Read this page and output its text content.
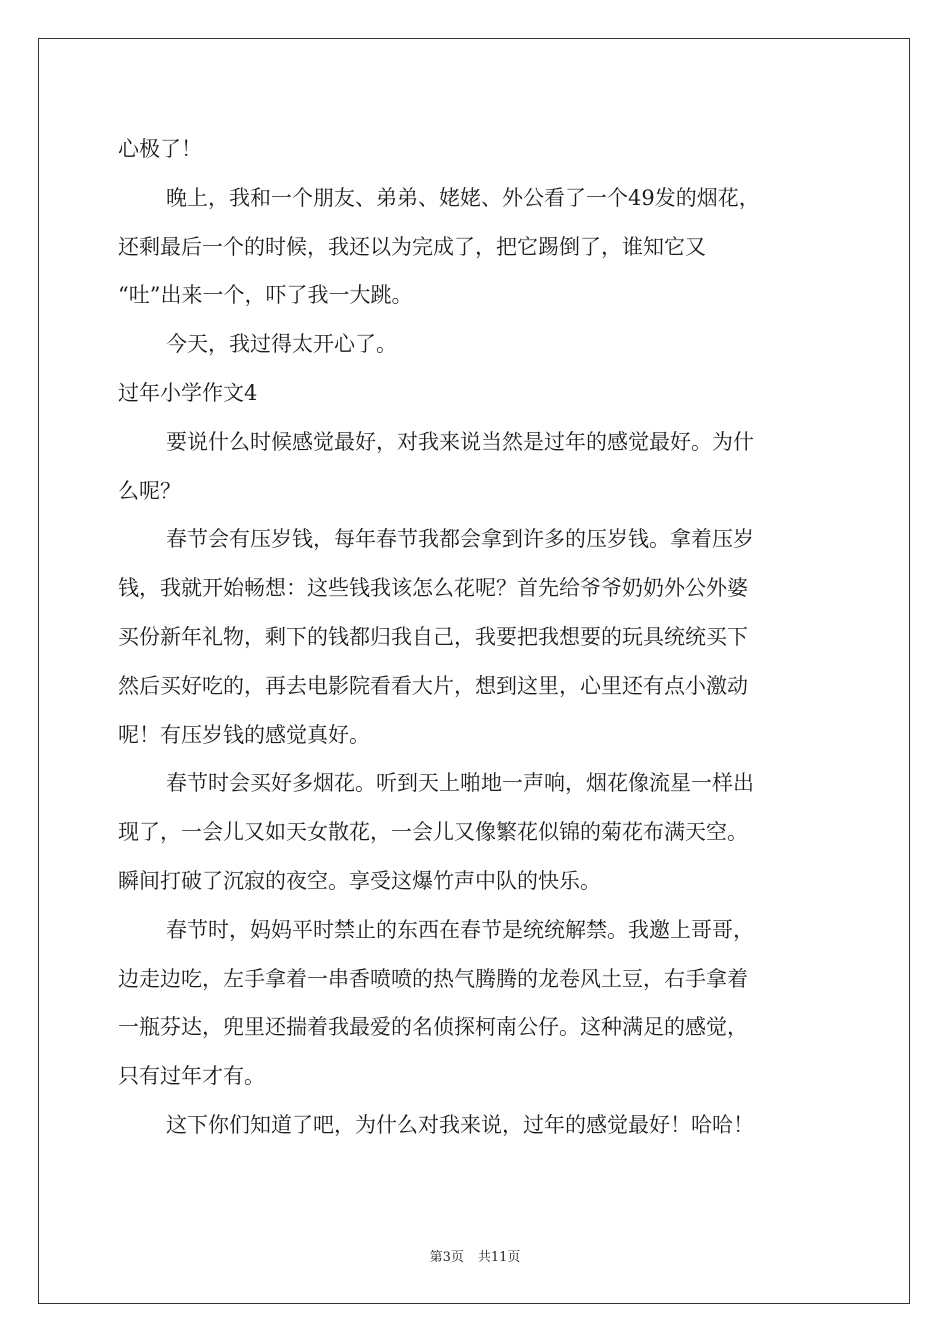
心极了！
晚上，我和一个朋友、弟弟、姥姥、外公看了一个49发的烟花，
还剩最后一个的时候，我还以为完成了，把它踢倒了，谁知它又
“吐”出来一个，吓了我一大跳。
今天，我过得太开心了。
过年小学作文4
要说什么时候感觉最好，对我来说当然是过年的感觉最好。为什
么呢？
春节会有压岁钱，每年春节我都会拿到许多的压岁钱。拿着压岁
钱，我就开始畅想：这些钱我该怎么花呢？首先给爷爷奶奶外公外婆
买份新年礼物，剩下的钱都归我自己，我要把我想要的玩具统统买下
然后买好吃的，再去电影院看看大片，想到这里，心里还有点小激动
呢！有压岁钱的感觉真好。
春节时会买好多烟花。听到天上啪地一声响，烟花像流星一样出
现了，一会儿又如天女散花，一会儿又像繁花似锦的菊花布满天空。
瞬间打破了沉寂的夜空。享受这爆竹声中队的快乐。
春节时，妈妈平时禁止的东西在春节是统统解禁。我邀上哥哥，
边走边吃，左手拿着一串香喷喷的热气腾腾的龙卷风土豆，右手拿着
一瓶芬达，兜里还揣着我最爱的名侦探柯南公仔。这种满足的感觉，
只有过年才有。
这下你们知道了吧，为什么对我来说，过年的感觉最好！哈哈！
第3页 共11页
